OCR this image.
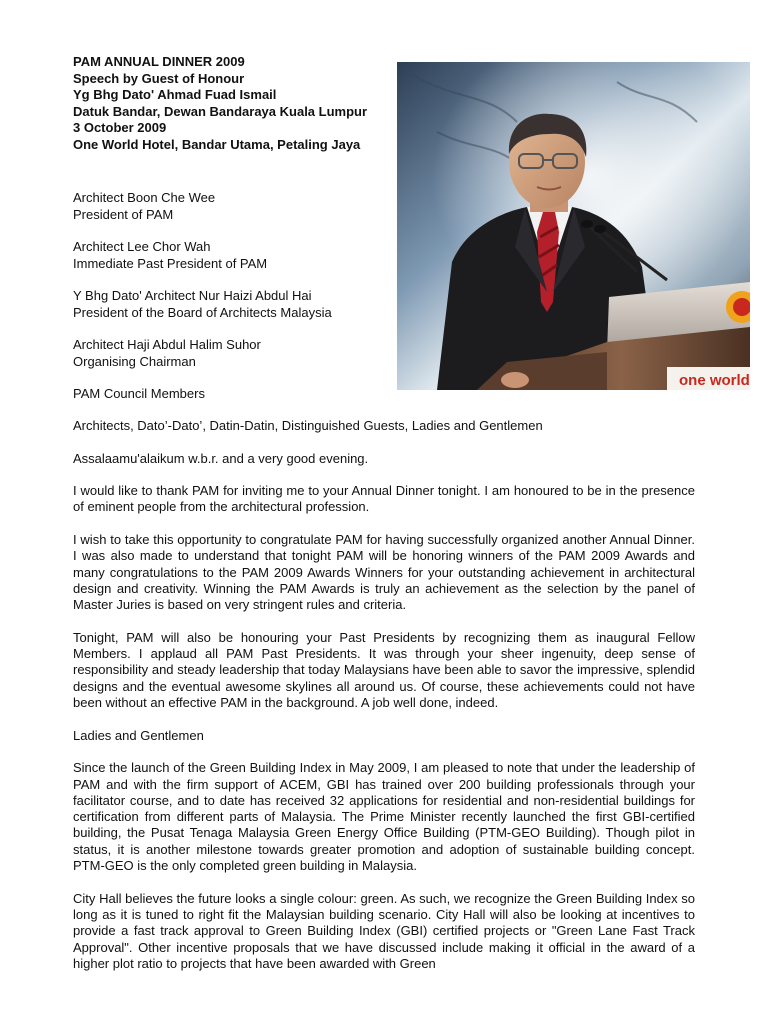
PAM ANNUAL DINNER 2009
Speech by Guest of Honour
Yg Bhg Dato' Ahmad Fuad Ismail
Datuk Bandar, Dewan Bandaraya Kuala Lumpur
3 October 2009
One World Hotel, Bandar Utama, Petaling Jaya
one world
Architect Boon Che Wee
President of PAM
Architect Lee Chor Wah
Immediate Past President of PAM
Y Bhg Dato' Architect Nur Haizi Abdul Hai
President of the Board of Architects Malaysia
Architect Haji Abdul Halim Suhor
Organising Chairman
PAM Council Members

Architects, Dato’-Dato’, Datin-Datin, Distinguished Guests, Ladies and Gentlemen

Assalaamu'alaikum w.b.r. and a very good evening.

I would like to thank PAM for inviting me to your Annual Dinner tonight. I am honoured to be in the presence of eminent people from the architectural profession.

I wish to take this opportunity to congratulate PAM for having successfully organized another Annual Dinner. I was also made to understand that tonight PAM will be honoring winners of the PAM 2009 Awards and many congratulations to the PAM 2009 Awards Winners for your outstanding achievement in architectural design and creativity. Winning the PAM Awards is truly an achievement as the selection by the panel of Master Juries is based on very stringent rules and criteria.

Tonight, PAM will also be honouring your Past Presidents by recognizing them as inaugural Fellow Members. I applaud all PAM Past Presidents. It was through your sheer ingenuity, deep sense of responsibility and steady leadership that today Malaysians have been able to savor the impressive, splendid designs and the eventual awesome skylines all around us. Of course, these achievements could not have been without an effective PAM in the background. A job well done, indeed.

Ladies and Gentlemen

Since the launch of the Green Building Index in May 2009, I am pleased to note that under the leadership of PAM and with the firm support of ACEM, GBI has trained over 200 building professionals through your facilitator course, and to date has received 32 applications for residential and non-residential buildings for certification from different parts of Malaysia. The Prime Minister recently launched the first GBI-certified building, the Pusat Tenaga Malaysia Green Energy Office Building (PTM-GEO Building). Though pilot in status, it is another milestone towards greater promotion and adoption of sustainable building concept. PTM-GEO is the only completed green building in Malaysia.

City Hall believes the future looks a single colour: green. As such, we recognize the Green Building Index so long as it is tuned to right fit the Malaysian building scenario. City Hall will also be looking at incentives to provide a fast track approval to Green Building Index (GBI) certified projects or "Green Lane Fast Track Approval". Other incentive proposals that we have discussed include making it official in the award of a higher plot ratio to projects that have been awarded with Green
